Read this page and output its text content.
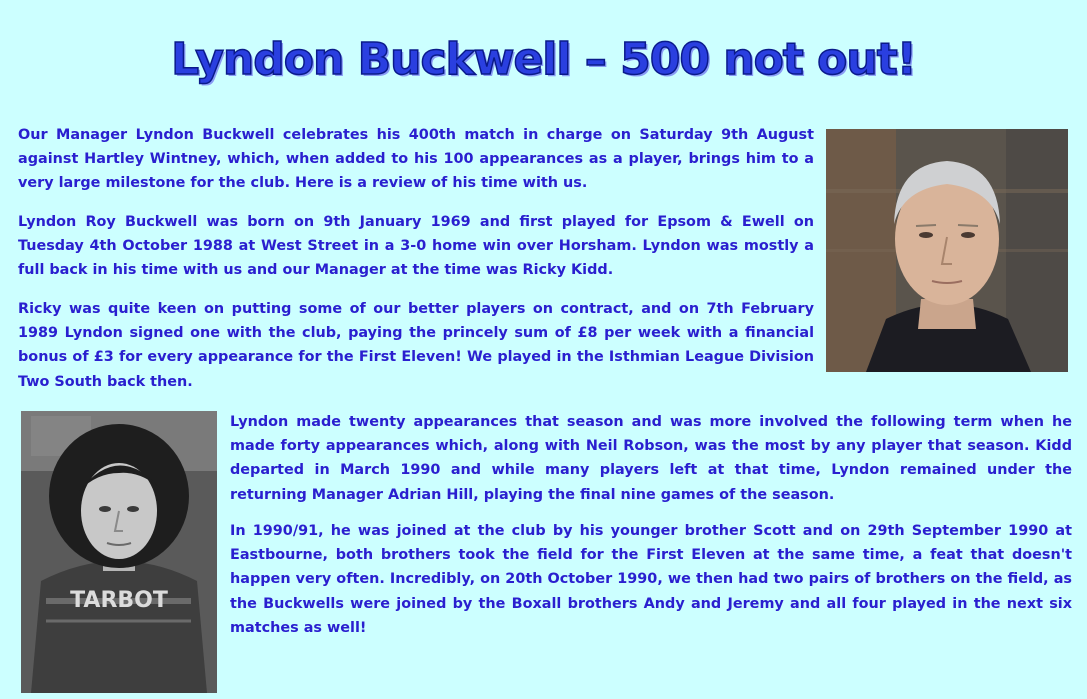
Lyndon Buckwell – 500 not out!

Our Manager Lyndon Buckwell celebrates his 400th match in charge on Saturday 9th August against Hartley Wintney, which, when added to his 100 appearances as a player, brings him to a very large milestone for the club. Here is a review of his time with us.

Lyndon Roy Buckwell was born on 9th January 1969 and first played for Epsom & Ewell on Tuesday 4th October 1988 at West Street in a 3-0 home win over Horsham. Lyndon was mostly a full back in his time with us and our Manager at the time was Ricky Kidd.

Ricky was quite keen on putting some of our better players on contract, and on 7th February 1989 Lyndon signed one with the club, paying the princely sum of £8 per week with a financial bonus of £3 for every appearance for the First Eleven! We played in the Isthmian League Division Two South back then.

TARBOT

Lyndon made twenty appearances that season and was more involved the following term when he made forty appearances which, along with Neil Robson, was the most by any player that season. Kidd departed in March 1990 and while many players left at that time, Lyndon remained under the returning Manager Adrian Hill, playing the final nine games of the season.

In 1990/91, he was joined at the club by his younger brother Scott and on 29th September 1990 at Eastbourne, both brothers took the field for the First Eleven at the same time, a feat that doesn't happen very often. Incredibly, on 20th October 1990, we then had two pairs of brothers on the field, as the Buckwells were joined by the Boxall brothers Andy and Jeremy and all four played in the next six matches as well!
